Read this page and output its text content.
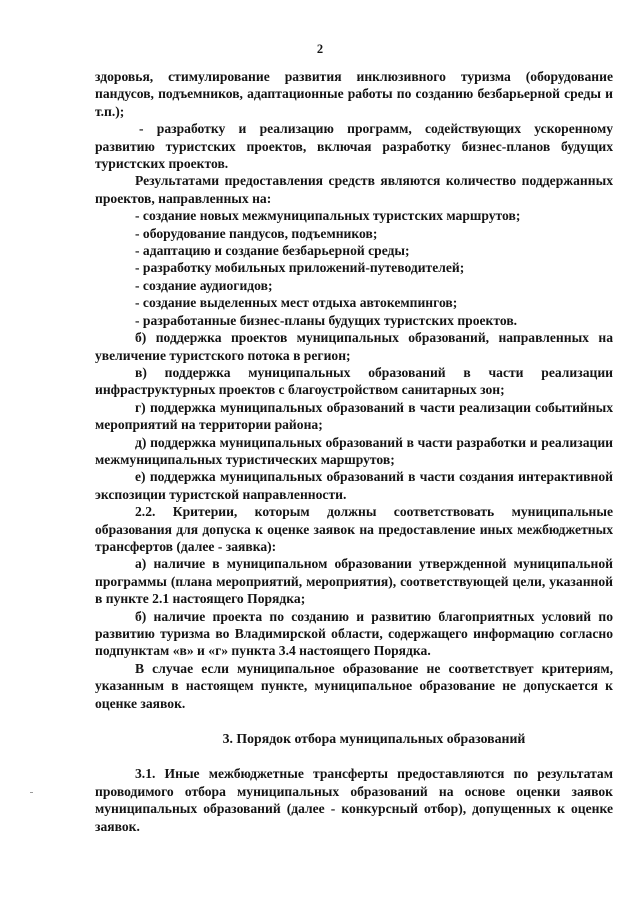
2

здоровья, стимулирование развития инклюзивного туризма (оборудование пандусов, подъемников, адаптационные работы по созданию безбарьерной среды и т.п.);

- разработку и реализацию программ, содействующих ускоренному развитию туристских проектов, включая разработку бизнес-планов будущих туристских проектов.

Результатами предоставления средств являются количество поддержанных проектов, направленных на:

- создание новых межмуниципальных туристских маршрутов;
- оборудование пандусов, подъемников;
- адаптацию и создание безбарьерной среды;
- разработку мобильных приложений-путеводителей;
- создание аудиогидов;
- создание выделенных мест отдыха автокемпингов;
- разработанные бизнес-планы будущих туристских проектов.

б) поддержка проектов муниципальных образований, направленных на увеличение туристского потока в регион;

в) поддержка муниципальных образований в части реализации инфраструктурных проектов с благоустройством санитарных зон;

г) поддержка муниципальных образований в части реализации событийных мероприятий на территории района;

д) поддержка муниципальных образований в части разработки и реализации межмуниципальных туристических маршрутов;

е) поддержка муниципальных образований в части создания интерактивной экспозиции туристской направленности.

2.2. Критерии, которым должны соответствовать муниципальные образования для допуска к оценке заявок на предоставление иных межбюджетных трансфертов (далее - заявка):

а) наличие в муниципальном образовании утвержденной муниципальной программы (плана мероприятий, мероприятия), соответствующей цели, указанной в пункте 2.1 настоящего Порядка;

б) наличие проекта по созданию и развитию благоприятных условий по развитию туризма во Владимирской области, содержащего информацию согласно подпунктам «в» и «г» пункта 3.4 настоящего Порядка.

В случае если муниципальное образование не соответствует критериям, указанным в настоящем пункте, муниципальное образование не допускается к оценке заявок.

3. Порядок отбора муниципальных образований

3.1. Иные межбюджетные трансферты предоставляются по результатам проводимого отбора муниципальных образований на основе оценки заявок муниципальных образований (далее - конкурсный отбор), допущенных к оценке заявок.
